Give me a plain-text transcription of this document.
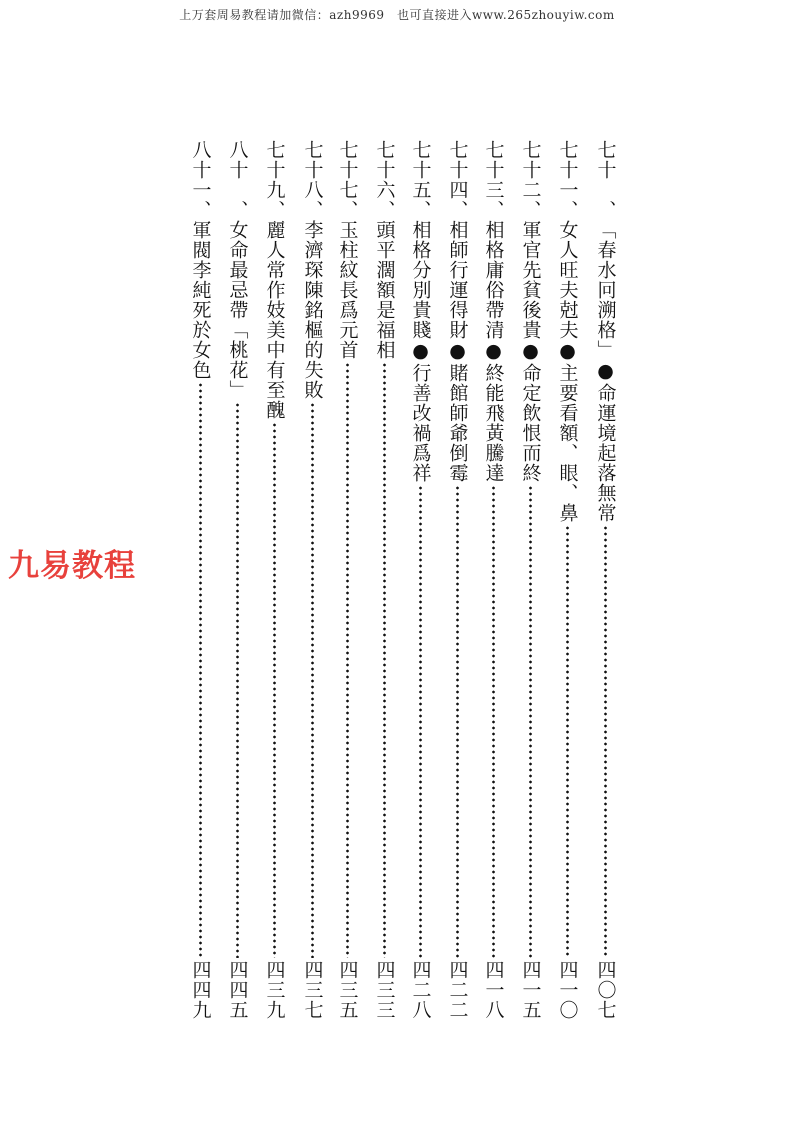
上万套周易教程请加微信：azh9969　也可直接进入www.265zhouyiw.com
九易教程
七十　、
「春水冋溯格」●命運境起落無常
四〇七
七十一、
女人旺夫尅夫●主要看額、眼、鼻
四一〇
七十二、
軍官先貧後貴●命定飲恨而終
四一五
七十三、
相格庸俗帶清●終能飛黃騰達
四一八
七十四、
相師行運得財●賭館師爺倒霉
四二二
七十五、
相格分別貴賤●行善改禍爲祥
四二八
七十六、
頭平濶額是福相
四三三
七十七、
玉柱紋長爲元首
四三五
七十八、
李濟琛陳銘樞的失敗
四三七
七十九、
麗人常作妓美中有至醜
四三九
八十　、
女命最忌帶「桃花」
四四五
八十一、
軍閥李純死於女色
四四九
